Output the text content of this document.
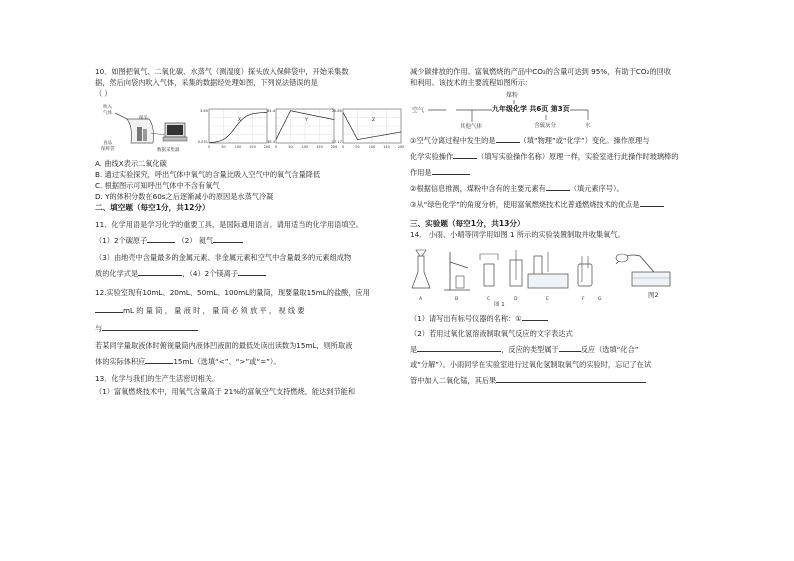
10．如图把氧气、二氧化碳、水蒸气（测湿度）探头放入保鲜袋中，开始采集数

据，然后向袋内吹入气体，采集的数据经处理如图，下列说法错误的是

（ ）

吹入
气体
探头
食品
保鲜袋	数据采集器
3.65
0.031
X
0	50	100 150 200
84.4
36.4
Y
0	50	100 150 200
20.80
17.17
Z
0	50	100 150 200

A. 曲线X表示二氧化碳

B. 通过实验探究，呼出气体中氧气的含量比吸入空气中的氧气含量降低

C. 根据图示可知呼出气体中不含有氧气

D. Y的体积分数在60s之后逐渐减小的原因是水蒸气冷凝

二、填空题（每空1分，共12分）

11、化学用语是学习化学的重要工具，是国际通用语言。请用适当的化学用语填空。

（1）2个碳原子	（2） 氦气

（3）由地壳中含量最多的金属元素、非金属元素和空气中含量最多的元素组成物

质的化学式是	，（4）2个镁离子

12.实验室现有10mL、20mL、50mL、100mL的量筒，现要量取15mL的盐酸，应用

mL 的 量 筒 ， 量 液 时 ， 量 筒 必 须 放 平 ， 视 线 要

与

若某同学量取液体时俯视量筒内液体凹液面的最低处读出读数为15mL，则所取液

体的实际体积应	15mL（选填“<”、“>”或“=”）。

13．化学与我们的生产生活密切相关。

（1）富氧燃烧技术中，用氧气含量高于 21%的富氧空气支持燃烧，能达到节能和

减少碳排放的作用。富氧燃烧的产品中CO₂的含量可达到 95%，有助于CO₂的回收

和利用。该技术的主要流程如图所示：

煤粉
空气	九年级化学 共6页 第3页
其他气体	含硫灰分	水

①空气分离过程中发生的是	（填“物理”或“化学”）变化。操作原理与

化学实验操作	（填写实验操作名称）原理一样，实验室进行此操作时玻璃棒的

作用是

②根据信息推测，煤粉中含有的主要元素有	（填元素序号）。

③从“绿色化学”的角度分析，使用富氧燃烧技术比普通燃烧技术的优点是

三、实验题（每空1分，共13分）

14． 小雨、小晴等同学用如图 1 所示的实验装置制取并收集氧气。

A	B	C	D	E	F	G
图 1
图2

（1）请写出有标号仪器的名称：①

（2）若用过氧化氢溶液制取氧气反应的文字表达式

是	，反应的类型属于	反应（选填“化合”

或“分解”）。小雨同学在实验室进行过氧化氢制取氧气的实验时，忘记了在试

管中加入二氧化锰，其后果
